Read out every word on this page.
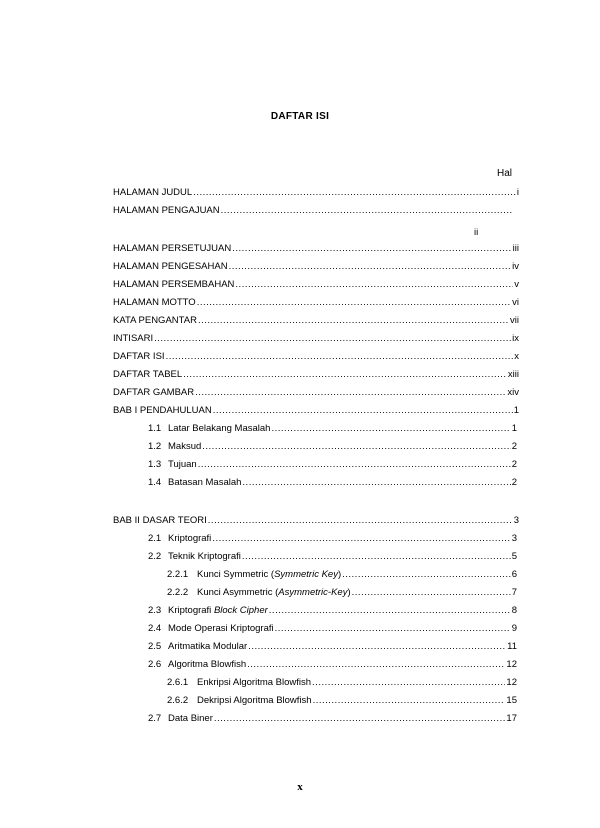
DAFTAR ISI
Hal
HALAMAN JUDUL .....	i
HALAMAN PENGAJUAN
.....
ii
HALAMAN PERSETUJUAN .....	iii
HALAMAN PENGESAHAN .....	iv
HALAMAN PERSEMBAHAN .....	v
HALAMAN MOTTO .....	vi
KATA PENGANTAR .....	vii
INTISARI .....	ix
DAFTAR ISI .....	x
DAFTAR TABEL .....	xiii
DAFTAR GAMBAR .....	xiv
BAB I PENDAHULUAN .....	1
1.1 Latar Belakang Masalah .....	1
1.2 Maksud .....	2
1.3 Tujuan .....	2
1.4 Batasan Masalah .....	2
BAB II DASAR TEORI .....	3
2.1 Kriptografi .....	3
2.2 Teknik Kriptografi .....	5
2.2.1 Kunci Symmetric (Symmetric Key) .....	6
2.2.2 Kunci Asymmetric (Asymmetric-Key) .....	7
2.3 Kriptografi Block Cipher .....	8
2.4 Mode Operasi Kriptografi .....	9
2.5 Aritmatika Modular .....	11
2.6 Algoritma Blowfish .....	12
2.6.1 Enkripsi Algoritma Blowfish .....	12
2.6.2 Dekripsi Algoritma Blowfish .....	15
2.7 Data Biner .....	17
x
